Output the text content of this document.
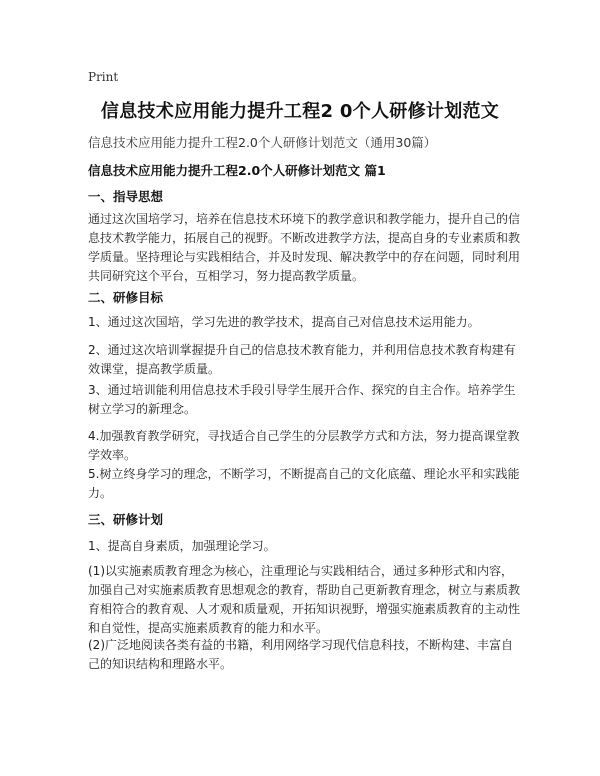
Print
信息技术应用能力提升工程2 0个人研修计划范文
信息技术应用能力提升工程2.0个人研修计划范文（通用30篇）
信息技术应用能力提升工程2.0个人研修计划范文 篇1
一、指导思想
通过这次国培学习，培养在信息技术环境下的教学意识和教学能力，提升自己的信息技术教学能力，拓展自己的视野。不断改进教学方法，提高自身的专业素质和教学质量。坚持理论与实践相结合，并及时发现、解决教学中的存在问题，同时利用共同研究这个平台，互相学习，努力提高教学质量。
二、研修目标
1、通过这次国培，学习先进的教学技术，提高自己对信息技术运用能力。
2、通过这次培训掌握提升自己的信息技术教育能力，并利用信息技术教育构建有效课堂，提高教学质量。
3、通过培训能利用信息技术手段引导学生展开合作、探究的自主合作。培养学生树立学习的新理念。
4.加强教育教学研究，寻找适合自己学生的分层教学方式和方法，努力提高课堂教学效率。
5.树立终身学习的理念，不断学习，不断提高自己的文化底蕴、理论水平和实践能力。
三、研修计划
1、提高自身素质，加强理论学习。
(1)以实施素质教育理念为核心，注重理论与实践相结合，通过多种形式和内容，加强自己对实施素质教育思想观念的教育，帮助自己更新教育理念，树立与素质教育相符合的教育观、人才观和质量观，开拓知识视野，增强实施素质教育的主动性和自觉性，提高实施素质教育的能力和水平。
(2)广泛地阅读各类有益的书籍，利用网络学习现代信息科技，不断构建、丰富自己的知识结构和理路水平。
